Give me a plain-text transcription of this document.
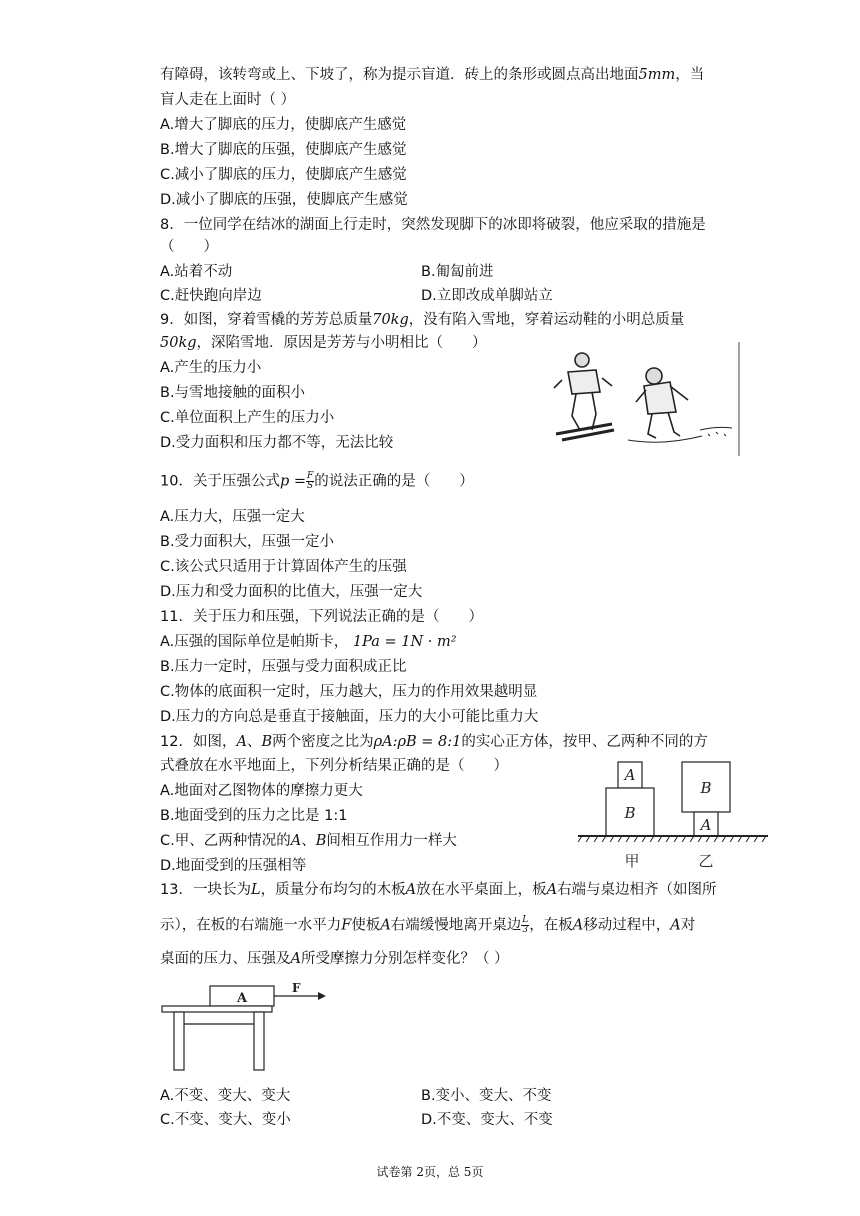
有障碍，该转弯或上、下坡了，称为提示盲道．砖上的条形或圆点高出地面5mm，当
盲人走在上面时（ ）
A.增大了脚底的压力，使脚底产生感觉
B.增大了脚底的压强，使脚底产生感觉
C.减小了脚底的压力，使脚底产生感觉
D.减小了脚底的压强，使脚底产生感觉
8．一位同学在结冰的湖面上行走时，突然发现脚下的冰即将破裂，他应采取的措施是
（　　）
A.站着不动	B.匍匐前进
C.赶快跑向岸边	D.立即改成单脚站立
9．如图，穿着雪橇的芳芳总质量70kg，没有陷入雪地，穿着运动鞋的小明总质量
50kg，深陷雪地．原因是芳芳与小明相比（　　）
A.产生的压力小
B.与雪地接触的面积小
C.单位面积上产生的压力小
D.受力面积和压力都不等，无法比较
10．关于压强公式$p = \frac{F}{S}$ 的说法正确的是（　　）
A.压力大，压强一定大
B.受力面积大，压强一定小
C.该公式只适用于计算固体产生的压强
D.压力和受力面积的比值大，压强一定大
11．关于压力和压强，下列说法正确的是（　　）
A.压强的国际单位是帕斯卡， 1Pa = 1N · m²
B.压力一定时，压强与受力面积成正比
C.物体的底面积一定时，压力越大，压力的作用效果越明显
D.压力的方向总是垂直于接触面，压力的大小可能比重力大
12．如图，A、B两个密度之比为ρA:ρB = 8:1的实心正方体，按甲、乙两种不同的方
式叠放在水平地面上，下列分析结果正确的是（　　）
A.地面对乙图物体的摩擦力更大
B.地面受到的压力之比是 1:1
C.甲、乙两种情况的A、B间相互作用力一样大
D.地面受到的压强相等
A
B
B
A
甲	乙
13．一块长为L，质量分布均匀的木板A放在水平桌面上，板A右端与桌边相齐（如图所
示），在板的右端施一水平力F使板A右端缓慢地离开桌边 $\frac{L}{3}$ ，在板A移动过程中，A对
桌面的压力、压强及A所受摩擦力分别怎样变化？（ ）
A
F
A.不变、变大、变大	B.变小、变大、不变
C.不变、变大、变小	D.不变、变大、不变
试卷第 2页，总 5页
